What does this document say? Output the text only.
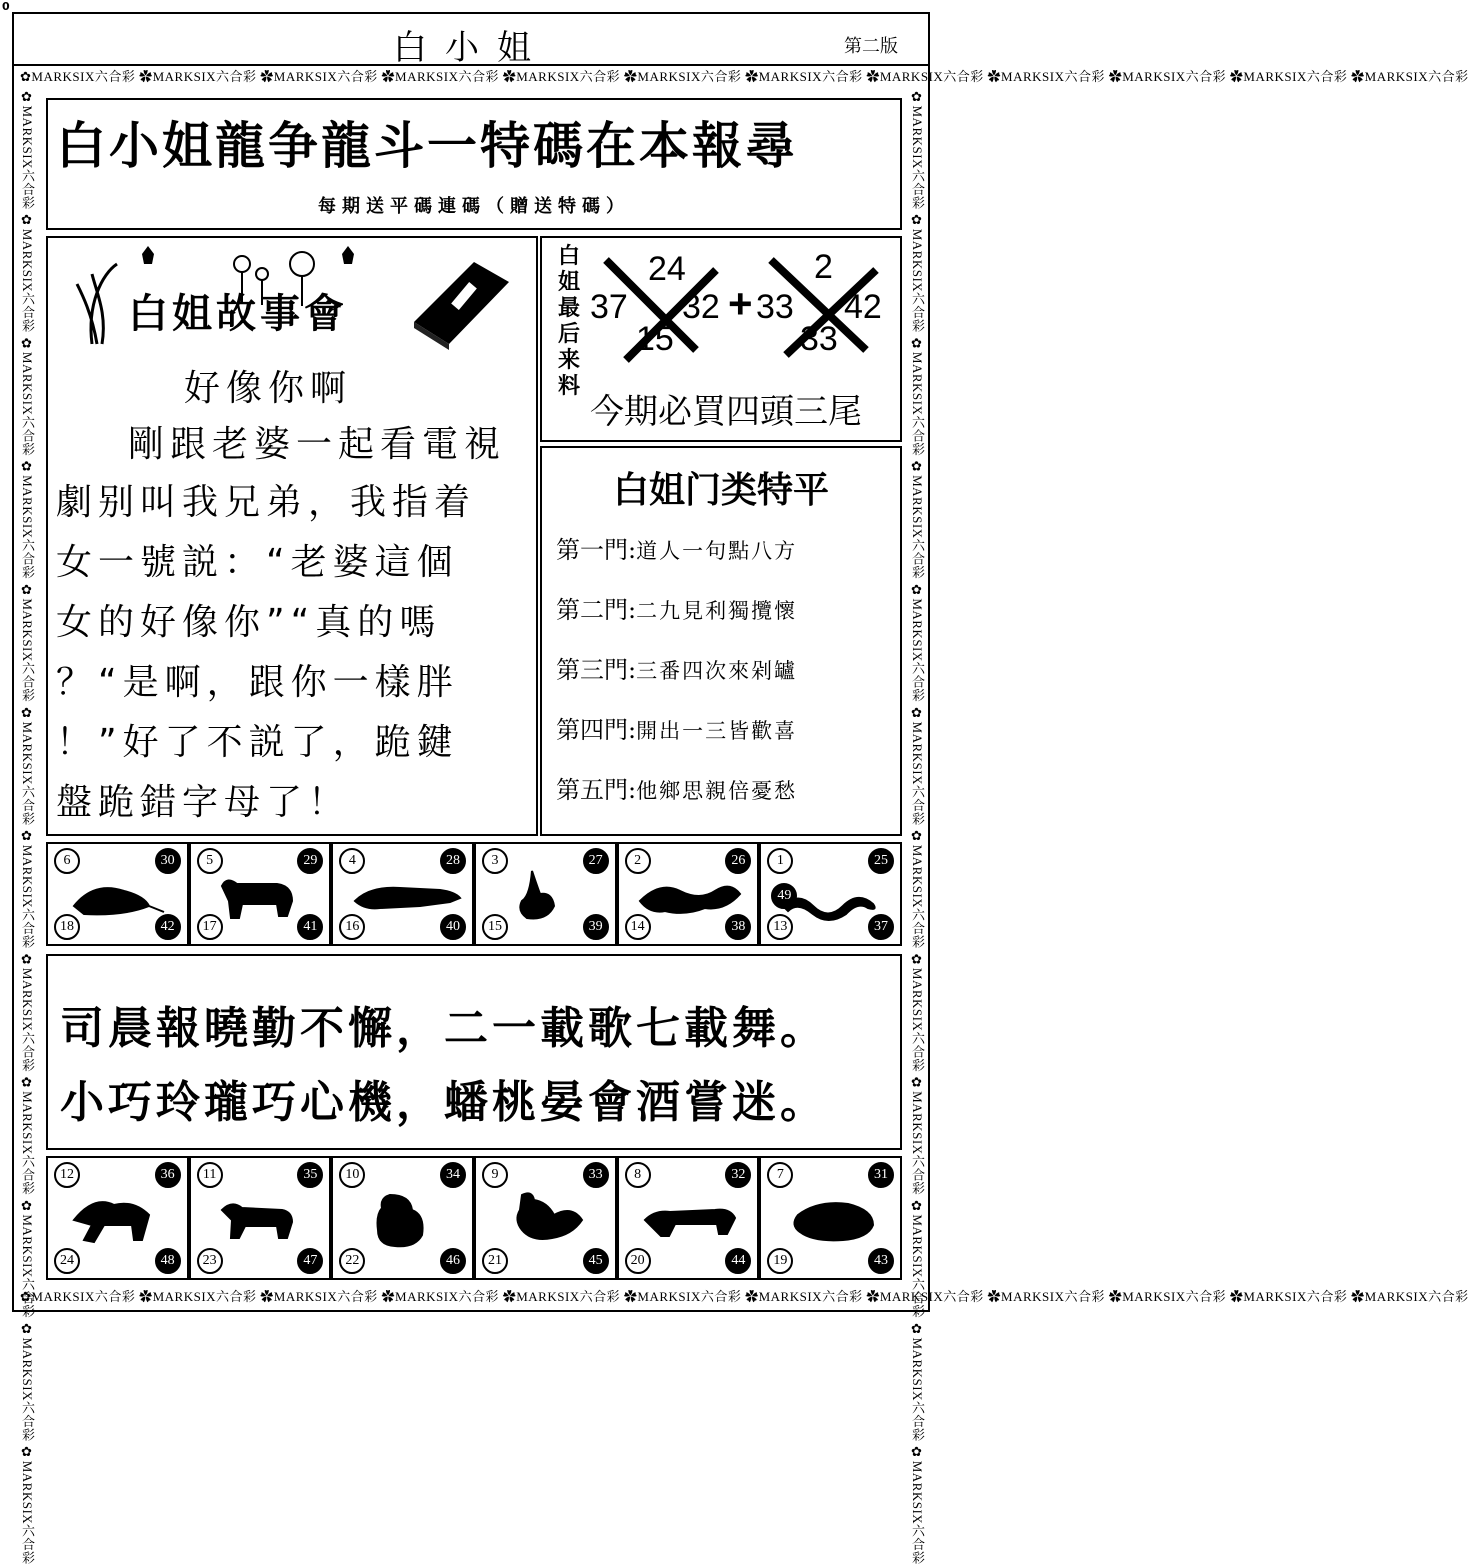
0
白小姐	第二版
✿MARKSIX六合彩 ✿MARKSIX六合彩 ✿MARKSIX六合彩 ✿MARKSIX六合彩 ✿MARKSIX六合彩 ✿MARKSIX六合彩 ✿MARKSIX六合彩 ✿MARKSIX六合彩 ✿MARKSIX六合彩 ✿MARKSIX六合彩 ✿MARKSIX六合彩 ✿MARKSIX六合彩
✿MARKSIX六合彩 ✿MARKSIX六合彩 ✿MARKSIX六合彩 ✿MARKSIX六合彩 ✿MARKSIX六合彩 ✿MARKSIX六合彩 ✿MARKSIX六合彩 ✿MARKSIX六合彩 ✿MARKSIX六合彩 ✿MARKSIX六合彩 ✿MARKSIX六合彩 ✿MARKSIX六合彩
✿MARKSIX六合彩 ✿MARKSIX六合彩 ✿MARKSIX六合彩 ✿MARKSIX六合彩 ✿MARKSIX六合彩 ✿MARKSIX六合彩 ✿MARKSIX六合彩 ✿MARKSIX六合彩 ✿MARKSIX六合彩 ✿MARKSIX六合彩 ✿MARKSIX六合彩 ✿MARKSIX六合彩	✿MARKSIX六合彩 ✿MARKSIX六合彩 ✿MARKSIX六合彩 ✿MARKSIX六合彩 ✿MARKSIX六合彩 ✿MARKSIX六合彩 ✿MARKSIX六合彩 ✿MARKSIX六合彩 ✿MARKSIX六合彩 ✿MARKSIX六合彩 ✿MARKSIX六合彩 ✿MARKSIX六合彩
白小姐龍争龍斗一特碼在本報尋
每期送平碼連碼（贈送特碼）
白姐故事會
好像你啊
剛跟老婆一起看電視
劇别叫我兄弟，我指着
女一號説：“老婆這個
女的好像你”“真的嗎
？“是啊，跟你一樣胖
！”好了不説了，跪鍵
盤跪錯字母了！
白姐最后来料
24
37 32
15
+
2
33 42
33
今期必買四頭三尾
白姐门类特平
第一門:道人一句點八方
第二門:二九見利獨攬懷
第三門:三番四次來剁罏
第四門:開出一三皆歡喜
第五門:他鄉思親倍憂愁
6	30
18	42
5	29
17	41
4	28
16	40
3	27
15	39
2	26
14	38
1	25
13	37
49
司晨報曉勤不懈，二一載歌七載舞。
小巧玲瓏巧心機，蟠桃晏會酒嘗迷。
12	36
24	48
11	35
23	47
10	34
22	46
9	33
21	45
8	32
20	44
7	31
19	43
